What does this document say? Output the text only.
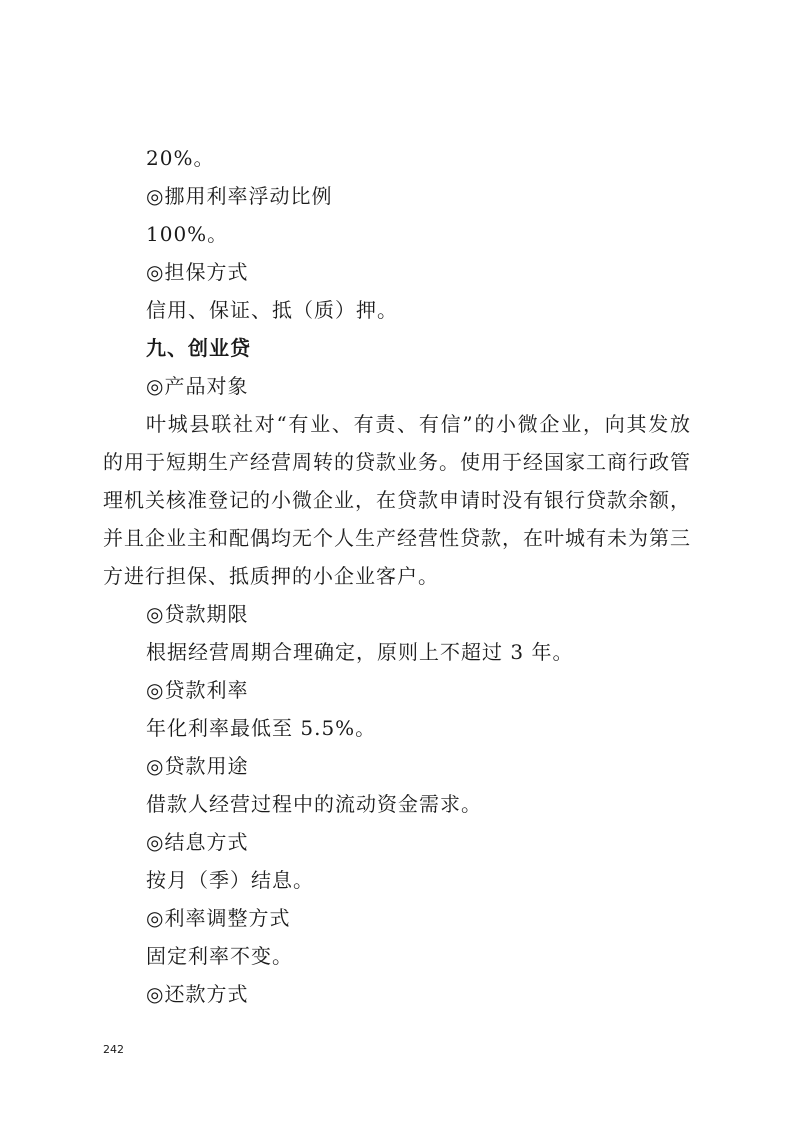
20%。

◎挪用利率浮动比例

100%。

◎担保方式

信用、保证、抵（质）押。

九、创业贷

◎产品对象

叶城县联社对“有业、有责、有信”的小微企业，向其发放的用于短期生产经营周转的贷款业务。使用于经国家工商行政管理机关核准登记的小微企业，在贷款申请时没有银行贷款余额，并且企业主和配偶均无个人生产经营性贷款，在叶城有未为第三方进行担保、抵质押的小企业客户。

◎贷款期限

根据经营周期合理确定，原则上不超过 3 年。

◎贷款利率

年化利率最低至 5.5%。

◎贷款用途

借款人经营过程中的流动资金需求。

◎结息方式

按月（季）结息。

◎利率调整方式

固定利率不变。

◎还款方式

242
